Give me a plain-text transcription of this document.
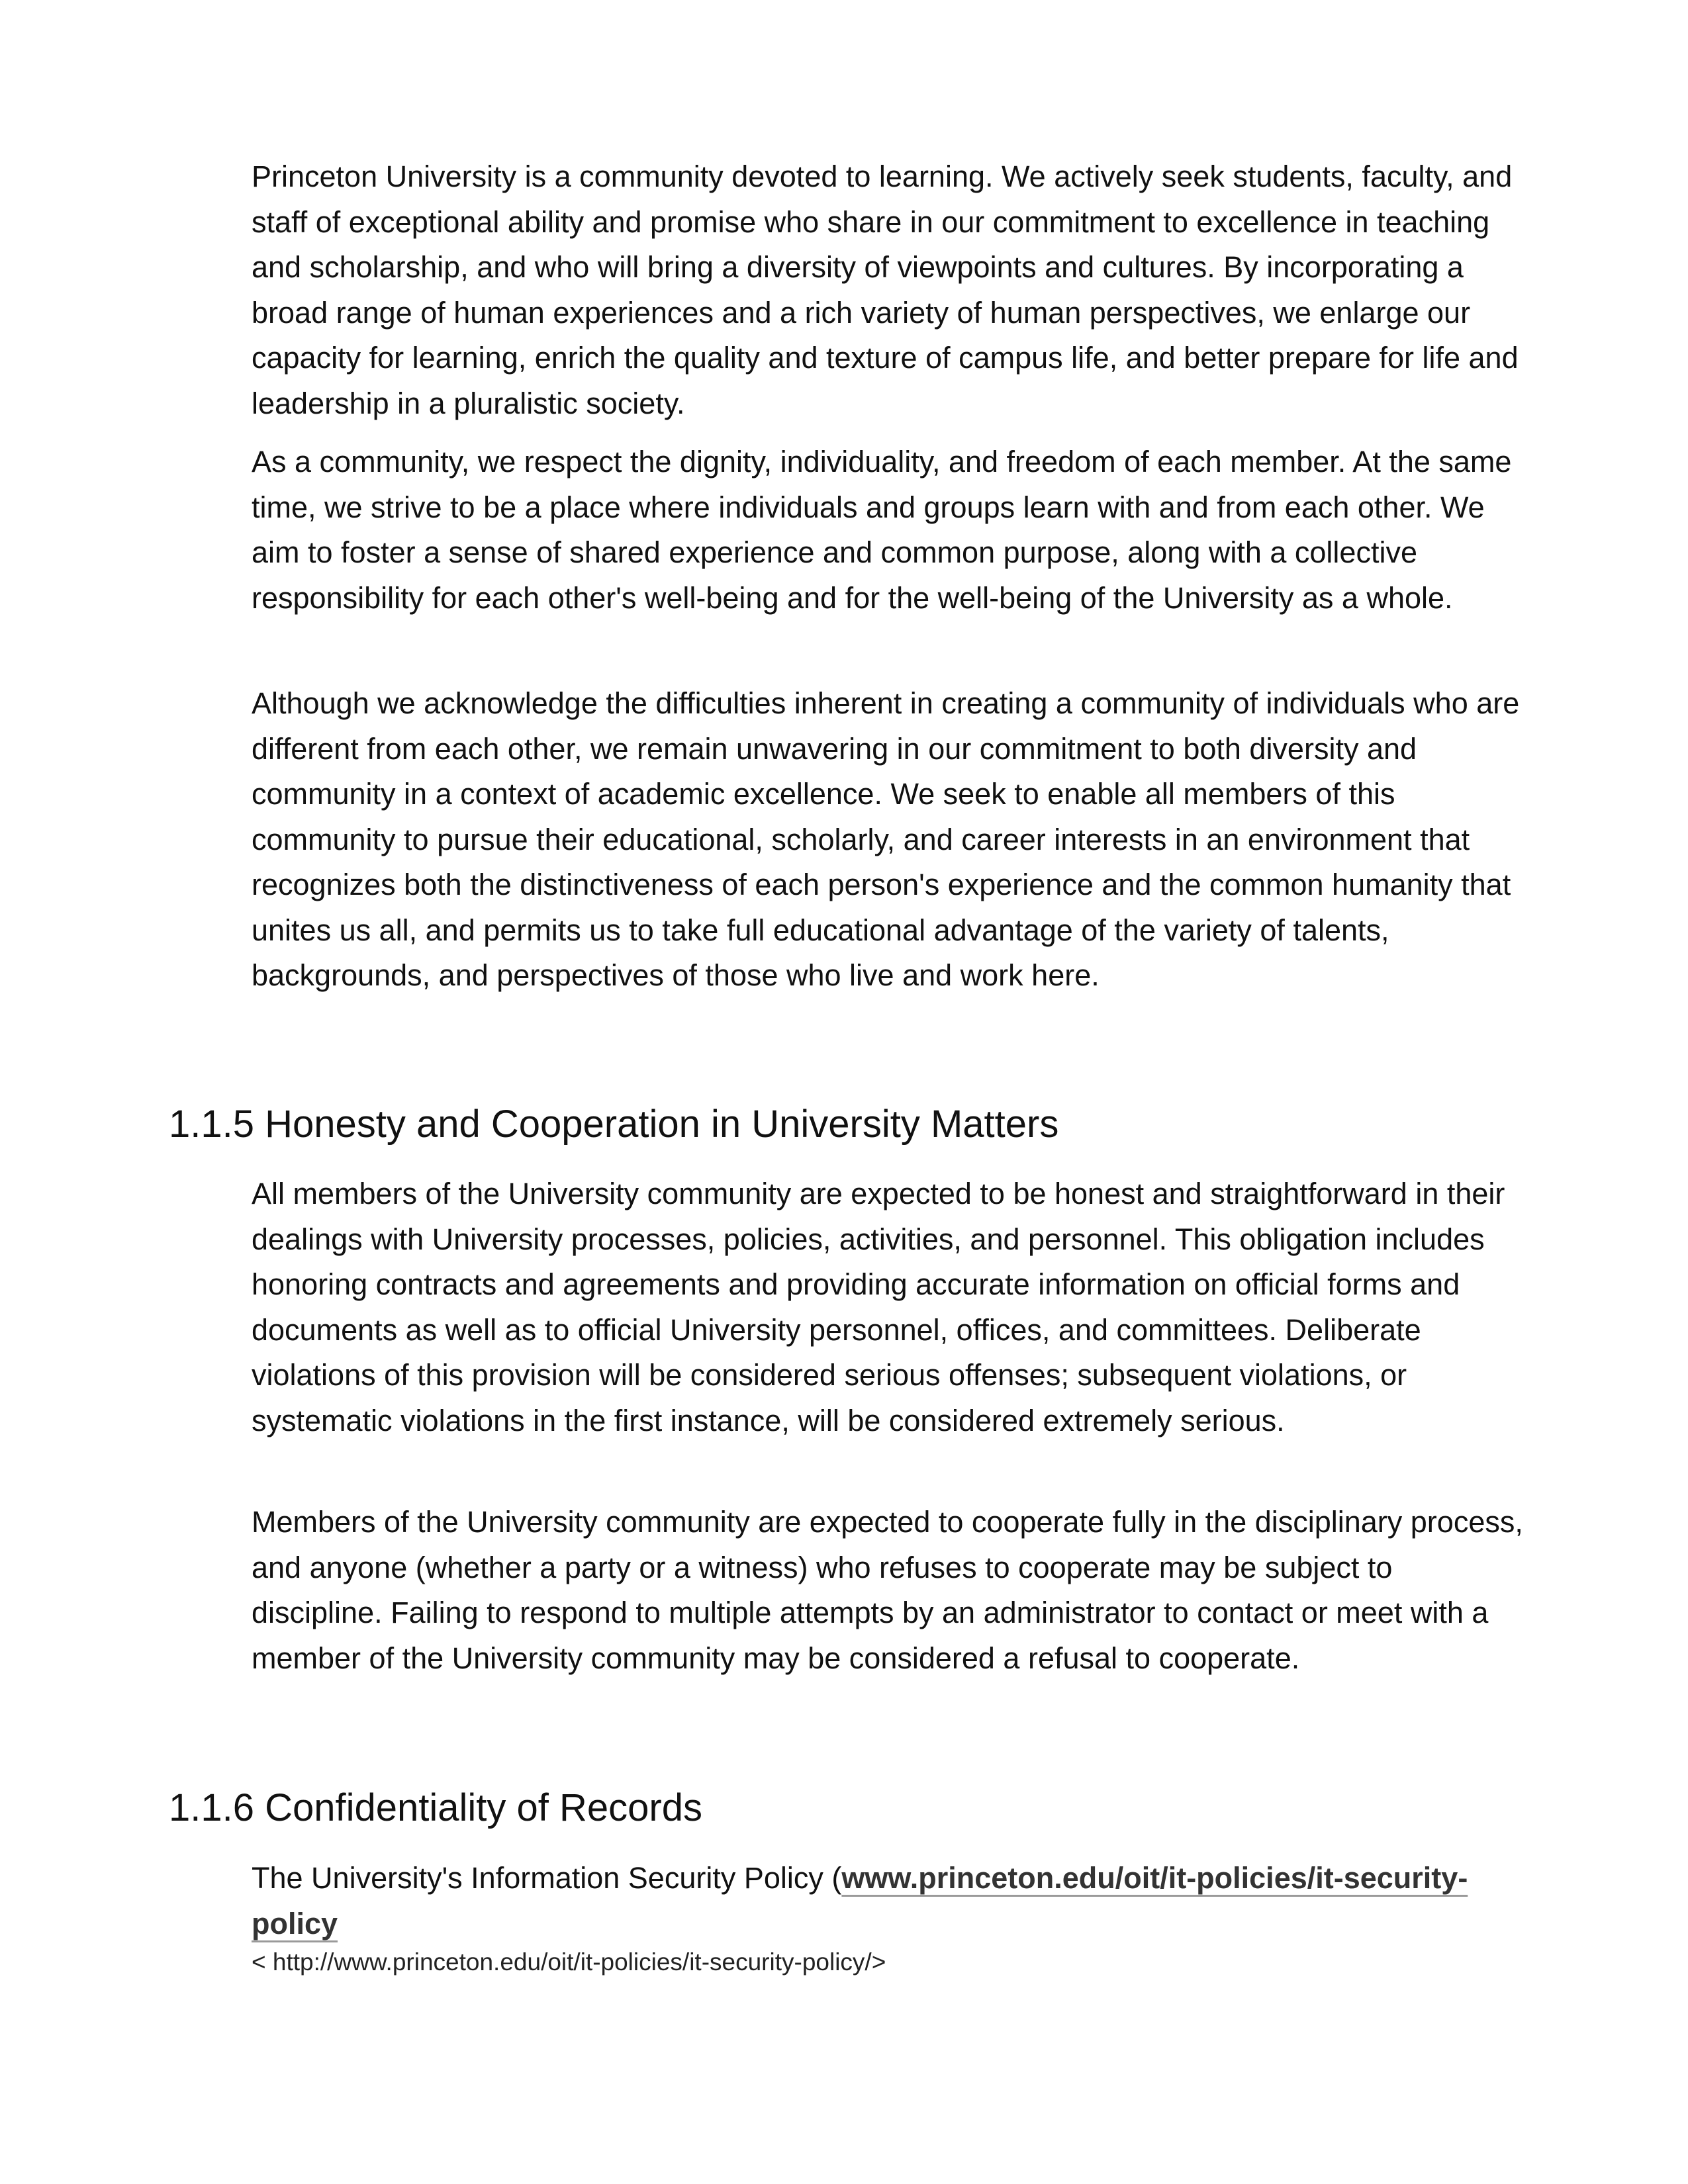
Princeton University is a community devoted to learning. We actively seek students, faculty, and staff of exceptional ability and promise who share in our commitment to excellence in teaching and scholarship, and who will bring a diversity of viewpoints and cultures. By incorporating a broad range of human experiences and a rich variety of human perspectives, we enlarge our capacity for learning, enrich the quality and texture of campus life, and better prepare for life and leadership in a pluralistic society.

As a community, we respect the dignity, individuality, and freedom of each member. At the same time, we strive to be a place where individuals and groups learn with and from each other. We aim to foster a sense of shared experience and common purpose, along with a collective responsibility for each other's well-being and for the well-being of the University as a whole.

Although we acknowledge the difficulties inherent in creating a community of individuals who are different from each other, we remain unwavering in our commitment to both diversity and community in a context of academic excellence. We seek to enable all members of this community to pursue their educational, scholarly, and career interests in an environment that recognizes both the distinctiveness of each person's experience and the common humanity that unites us all, and permits us to take full educational advantage of the variety of talents, backgrounds, and perspectives of those who live and work here.

1.1.5 Honesty and Cooperation in University Matters

All members of the University community are expected to be honest and straightforward in their dealings with University processes, policies, activities, and personnel. This obligation includes honoring contracts and agreements and providing accurate information on official forms and documents as well as to official University personnel, offices, and committees. Deliberate violations of this provision will be considered serious offenses; subsequent violations, or systematic violations in the first instance, will be considered extremely serious.

Members of the University community are expected to cooperate fully in the disciplinary process, and anyone (whether a party or a witness) who refuses to cooperate may be subject to discipline. Failing to respond to multiple attempts by an administrator to contact or meet with a member of the University community may be considered a refusal to cooperate.

1.1.6 Confidentiality of Records

The University's Information Security Policy (www.princeton.edu/oit/it-policies/it-security-policy

< http://www.princeton.edu/oit/it-policies/it-security-policy/>
